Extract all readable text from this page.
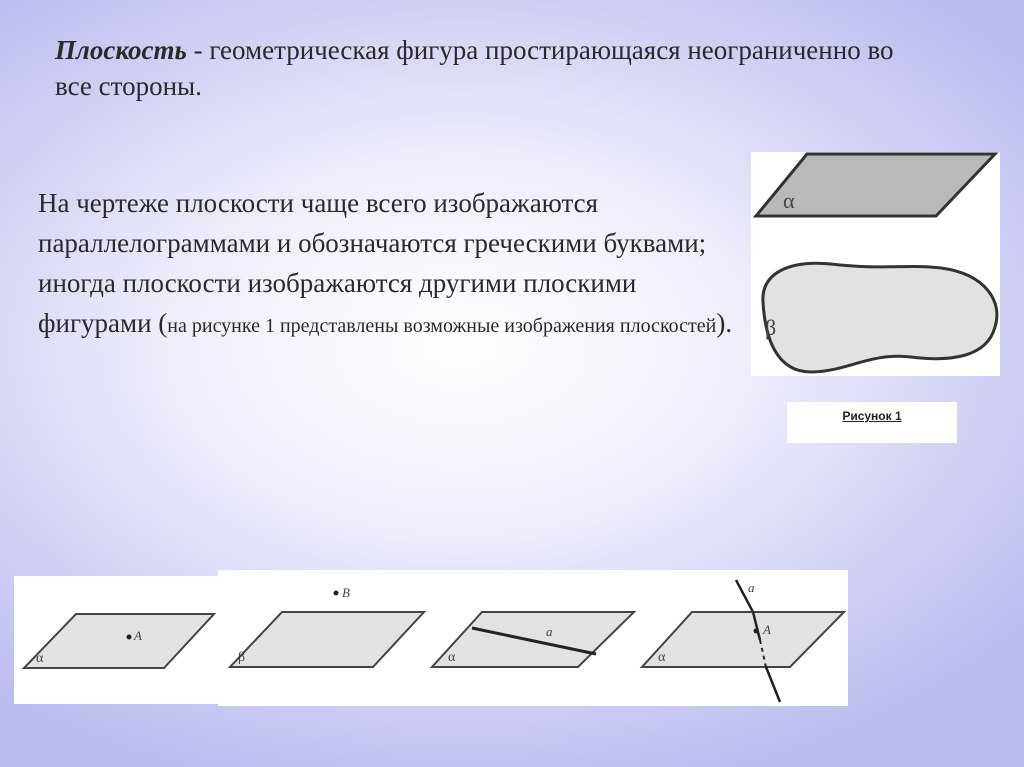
Плоскость - геометрическая фигура простирающаяся неограниченно во все стороны.
На чертеже плоскости чаще всего изображаются параллелограммами и обозначаются греческими буквами; иногда плоскости изображаются другими плоскими фигурами (на рисунке 1 представлены возможные изображения плоскостей).
α
β
Рисунок 1
A
α
B
β
a
α
a
A
α
